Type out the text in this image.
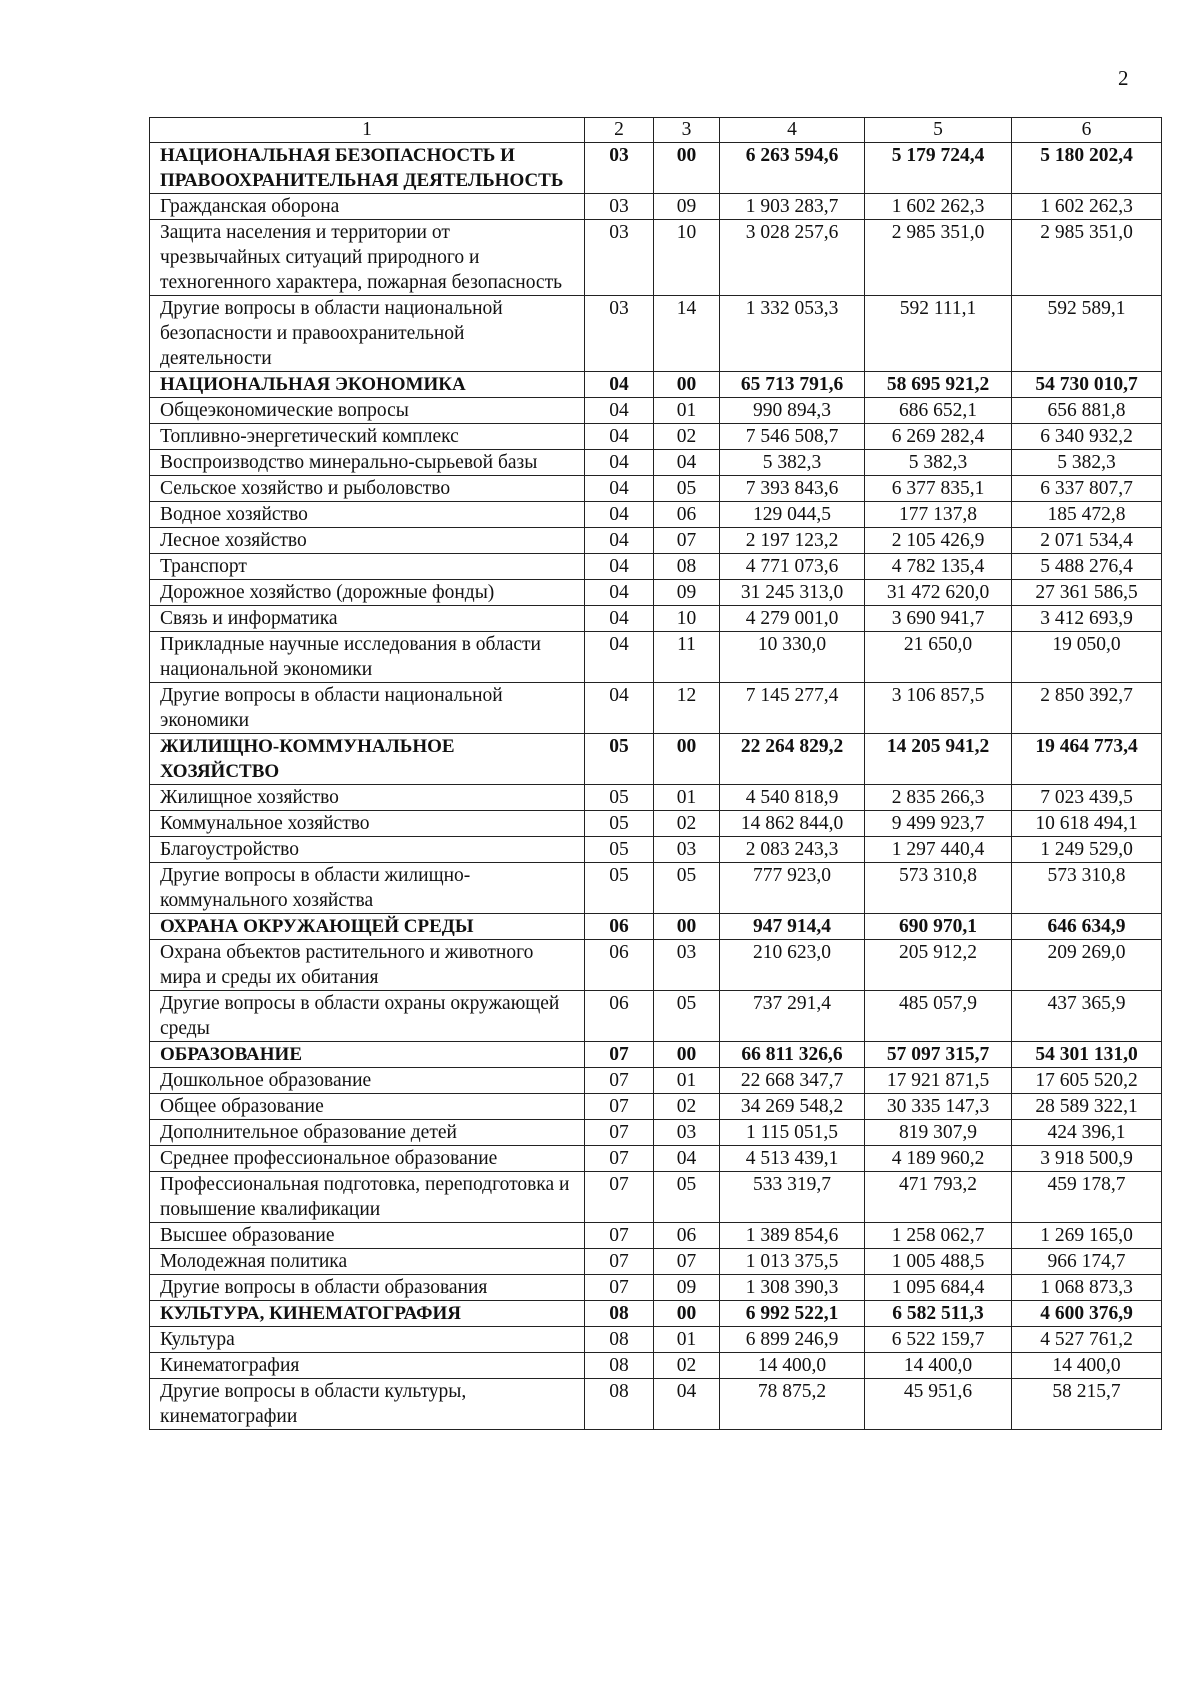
2
1	2	3	4	5	6
НАЦИОНАЛЬНАЯ БЕЗОПАСНОСТЬ И ПРАВООХРАНИТЕЛЬНАЯ ДЕЯТЕЛЬНОСТЬ	03	00	6 263 594,6	5 179 724,4	5 180 202,4
Гражданская оборона	03	09	1 903 283,7	1 602 262,3	1 602 262,3
Защита населения и территории от чрезвычайных ситуаций природного и техногенного характера, пожарная безопасность	03	10	3 028 257,6	2 985 351,0	2 985 351,0
Другие вопросы в области национальной безопасности и правоохранительной деятельности	03	14	1 332 053,3	592 111,1	592 589,1
НАЦИОНАЛЬНАЯ ЭКОНОМИКА	04	00	65 713 791,6	58 695 921,2	54 730 010,7
Общеэкономические вопросы	04	01	990 894,3	686 652,1	656 881,8
Топливно-энергетический комплекс	04	02	7 546 508,7	6 269 282,4	6 340 932,2
Воспроизводство минерально-сырьевой базы	04	04	5 382,3	5 382,3	5 382,3
Сельское хозяйство и рыболовство	04	05	7 393 843,6	6 377 835,1	6 337 807,7
Водное хозяйство	04	06	129 044,5	177 137,8	185 472,8
Лесное хозяйство	04	07	2 197 123,2	2 105 426,9	2 071 534,4
Транспорт	04	08	4 771 073,6	4 782 135,4	5 488 276,4
Дорожное хозяйство (дорожные фонды)	04	09	31 245 313,0	31 472 620,0	27 361 586,5
Связь и информатика	04	10	4 279 001,0	3 690 941,7	3 412 693,9
Прикладные научные исследования в области национальной экономики	04	11	10 330,0	21 650,0	19 050,0
Другие вопросы в области национальной экономики	04	12	7 145 277,4	3 106 857,5	2 850 392,7
ЖИЛИЩНО-КОММУНАЛЬНОЕ ХОЗЯЙСТВО	05	00	22 264 829,2	14 205 941,2	19 464 773,4
Жилищное хозяйство	05	01	4 540 818,9	2 835 266,3	7 023 439,5
Коммунальное хозяйство	05	02	14 862 844,0	9 499 923,7	10 618 494,1
Благоустройство	05	03	2 083 243,3	1 297 440,4	1 249 529,0
Другие вопросы в области жилищно-коммунального хозяйства	05	05	777 923,0	573 310,8	573 310,8
ОХРАНА ОКРУЖАЮЩЕЙ СРЕДЫ	06	00	947 914,4	690 970,1	646 634,9
Охрана объектов растительного и животного мира и среды их обитания	06	03	210 623,0	205 912,2	209 269,0
Другие вопросы в области охраны окружающей среды	06	05	737 291,4	485 057,9	437 365,9
ОБРАЗОВАНИЕ	07	00	66 811 326,6	57 097 315,7	54 301 131,0
Дошкольное образование	07	01	22 668 347,7	17 921 871,5	17 605 520,2
Общее образование	07	02	34 269 548,2	30 335 147,3	28 589 322,1
Дополнительное образование детей	07	03	1 115 051,5	819 307,9	424 396,1
Среднее профессиональное образование	07	04	4 513 439,1	4 189 960,2	3 918 500,9
Профессиональная подготовка, переподготовка и повышение квалификации	07	05	533 319,7	471 793,2	459 178,7
Высшее образование	07	06	1 389 854,6	1 258 062,7	1 269 165,0
Молодежная политика	07	07	1 013 375,5	1 005 488,5	966 174,7
Другие вопросы в области образования	07	09	1 308 390,3	1 095 684,4	1 068 873,3
КУЛЬТУРА, КИНЕМАТОГРАФИЯ	08	00	6 992 522,1	6 582 511,3	4 600 376,9
Культура	08	01	6 899 246,9	6 522 159,7	4 527 761,2
Кинематография	08	02	14 400,0	14 400,0	14 400,0
Другие вопросы в области культуры, кинематографии	08	04	78 875,2	45 951,6	58 215,7
